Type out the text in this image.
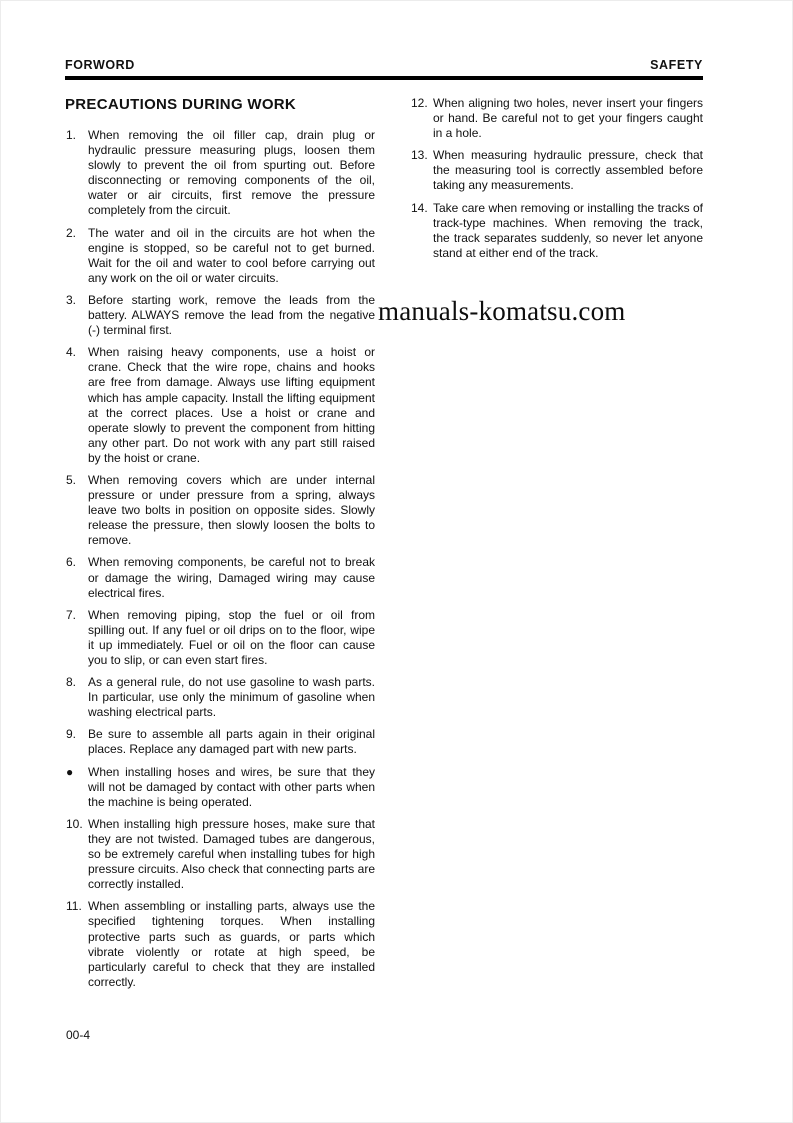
FORWORD	SAFETY
PRECAUTIONS DURING WORK
1. When removing the oil filler cap, drain plug or hydraulic pressure measuring plugs, loosen them slowly to prevent the oil from spurting out. Before disconnecting or removing components of the oil, water or air circuits, first remove the pressure completely from the circuit.
2. The water and oil in the circuits are hot when the engine is stopped, so be careful not to get burned. Wait for the oil and water to cool before carrying out any work on the oil or water circuits.
3. Before starting work, remove the leads from the battery. ALWAYS remove the lead from the negative (-) terminal first.
4. When raising heavy components, use a hoist or crane. Check that the wire rope, chains and hooks are free from damage. Always use lifting equipment which has ample capacity. Install the lifting equipment at the correct places. Use a hoist or crane and operate slowly to prevent the component from hitting any other part. Do not work with any part still raised by the hoist or crane.
5. When removing covers which are under internal pressure or under pressure from a spring, always leave two bolts in position on opposite sides. Slowly release the pressure, then slowly loosen the bolts to remove.
6. When removing components, be careful not to break or damage the wiring, Damaged wiring may cause electrical fires.
7. When removing piping, stop the fuel or oil from spilling out. If any fuel or oil drips on to the floor, wipe it up immediately. Fuel or oil on the floor can cause you to slip, or can even start fires.
8. As a general rule, do not use gasoline to wash parts. In particular, use only the minimum of gasoline when washing electrical parts.
9. Be sure to assemble all parts again in their original places. Replace any damaged part with new parts.
●	When installing hoses and wires, be sure that they will not be damaged by contact with other parts when the machine is being operated.
10. When installing high pressure hoses, make sure that they are not twisted. Damaged tubes are dangerous, so be extremely careful when installing tubes for high pressure circuits. Also check that connecting parts are correctly installed.
11. When assembling or installing parts, always use the specified tightening torques. When installing protective parts such as guards, or parts which vibrate violently or rotate at high speed, be particularly careful to check that they are installed correctly.
12. When aligning two holes, never insert your fingers or hand. Be careful not to get your fingers caught in a hole.
13. When measuring hydraulic pressure, check that the measuring tool is correctly assembled before taking any measurements.
14. Take care when removing or installing the tracks of track-type machines. When removing the track, the track separates suddenly, so never let anyone stand at either end of the track.
manuals-komatsu.com
00-4
